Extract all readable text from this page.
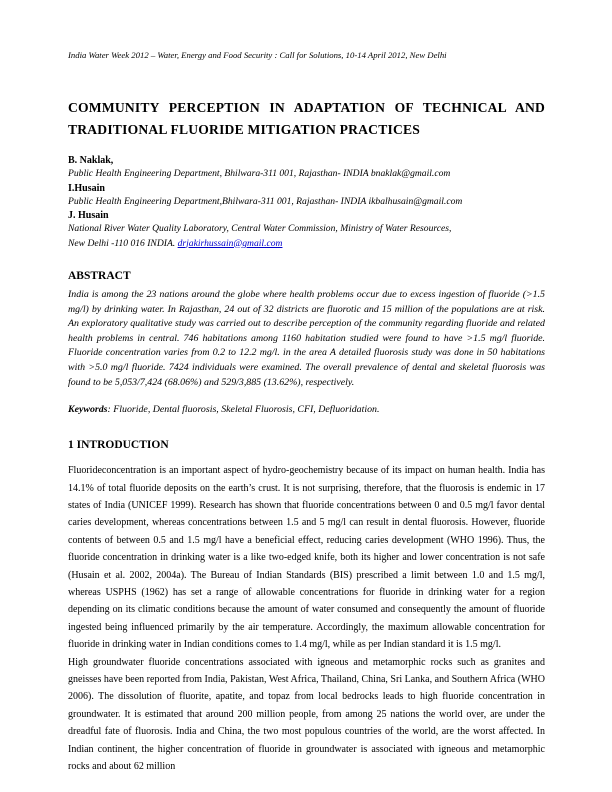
India Water Week 2012 – Water, Energy and Food Security : Call for Solutions, 10-14 April 2012, New Delhi
COMMUNITY PERCEPTION IN ADAPTATION OF TECHNICAL AND TRADITIONAL FLUORIDE MITIGATION PRACTICES
B. Naklak,
Public Health Engineering Department, Bhilwara-311 001, Rajasthan- INDIA bnaklak@gmail.com
I.Husain
Public Health Engineering Department,Bhilwara-311 001, Rajasthan- INDIA ikbalhusain@gmail.com
J. Husain
National River Water Quality Laboratory, Central Water Commission, Ministry of Water Resources,
New Delhi -110 016 INDIA. drjakirhussain@gmail.com
ABSTRACT

India is among the 23 nations around the globe where health problems occur due to excess ingestion of fluoride (>1.5 mg/l) by drinking water. In Rajasthan, 24 out of 32 districts are fluorotic and 15 million of the populations are at risk. An exploratory qualitative study was carried out to describe perception of the community regarding fluoride and related health problems in central. 746 habitations among 1160 habitation studied were found to have >1.5 mg/l fluoride. Fluoride concentration varies from 0.2 to 12.2 mg/l. in the area A detailed fluorosis study was done in 50 habitations with >5.0 mg/l fluoride. 7424 individuals were examined. The overall prevalence of dental and skeletal fluorosis was found to be 5,053/7,424 (68.06%) and 529/3,885 (13.62%), respectively.

Keywords: Fluoride, Dental fluorosis, Skeletal Fluorosis, CFI, Defluoridation.
1 INTRODUCTION

Fluorideconcentration is an important aspect of hydro-geochemistry because of its impact on human health. India has 14.1% of total fluoride deposits on the earth’s crust. It is not surprising, therefore, that the fluorosis is endemic in 17 states of India (UNICEF 1999). Research has shown that fluoride concentrations between 0 and 0.5 mg/l favor dental caries development, whereas concentrations between 1.5 and 5 mg/l can result in dental fluorosis. However, fluoride contents of between 0.5 and 1.5 mg/l have a beneficial effect, reducing caries development (WHO 1996). Thus, the fluoride concentration in drinking water is a like two-edged knife, both its higher and lower concentration is not safe (Husain et al. 2002, 2004a). The Bureau of Indian Standards (BIS) prescribed a limit between 1.0 and 1.5 mg/l, whereas USPHS (1962) has set a range of allowable concentrations for fluoride in drinking water for a region depending on its climatic conditions because the amount of water consumed and consequently the amount of fluoride ingested being influenced primarily by the air temperature. Accordingly, the maximum allowable concentration for fluoride in drinking water in Indian conditions comes to 1.4 mg/l, while as per Indian standard it is 1.5 mg/l.

High groundwater fluoride concentrations associated with igneous and metamorphic rocks such as granites and gneisses have been reported from India, Pakistan, West Africa, Thailand, China, Sri Lanka, and Southern Africa (WHO 2006). The dissolution of fluorite, apatite, and topaz from local bedrocks leads to high fluoride concentration in groundwater. It is estimated that around 200 million people, from among 25 nations the world over, are under the dreadful fate of fluorosis. India and China, the two most populous countries of the world, are the worst affected. In Indian continent, the higher concentration of fluoride in groundwater is associated with igneous and metamorphic rocks and about 62 million
